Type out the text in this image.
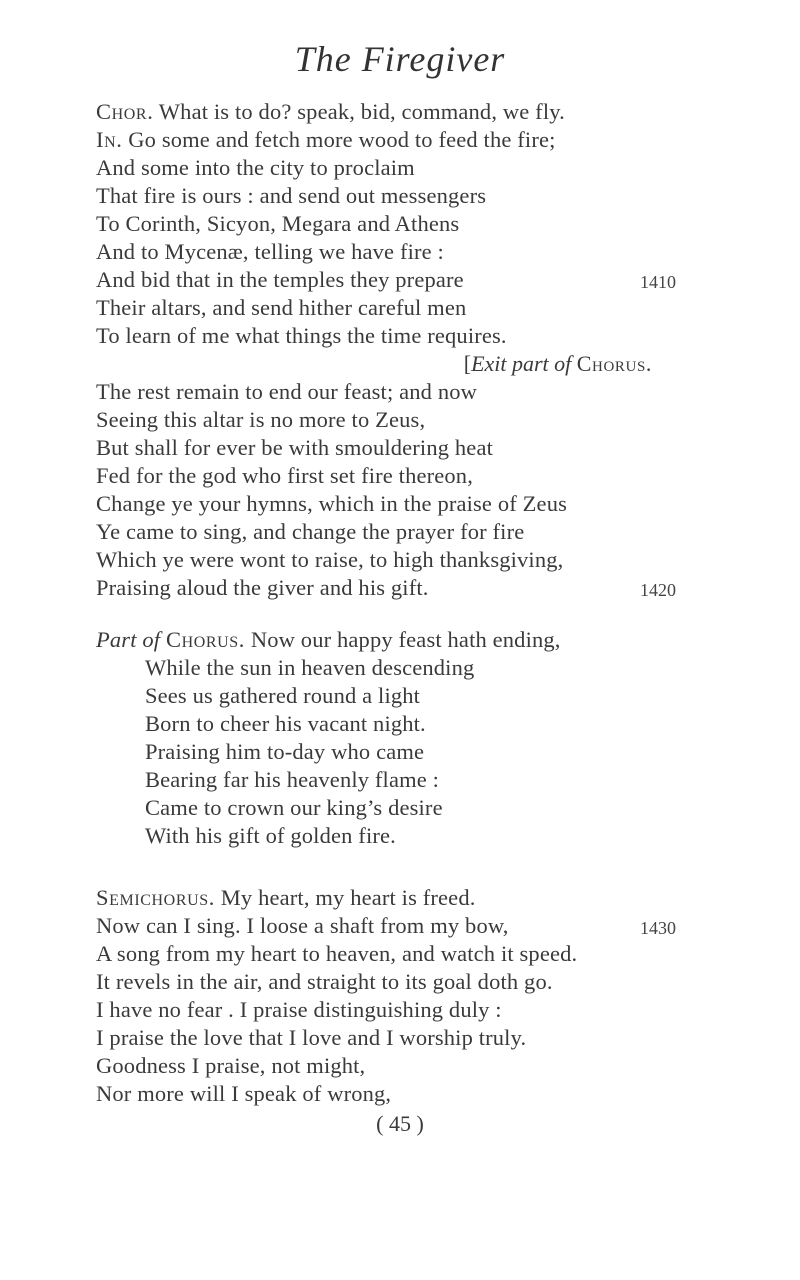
The Firegiver
Chor. What is to do? speak, bid, command, we fly.
In. Go some and fetch more wood to feed the fire;
And some into the city to proclaim
That fire is ours : and send out messengers
To Corinth, Sicyon, Megara and Athens
And to Mycenæ, telling we have fire :
And bid that in the temples they prepare	1410
Their altars, and send hither careful men
To learn of me what things the time requires.
[Exit part of Chorus.
The rest remain to end our feast; and now
Seeing this altar is no more to Zeus,
But shall for ever be with smouldering heat
Fed for the god who first set fire thereon,
Change ye your hymns, which in the praise of Zeus
Ye came to sing, and change the prayer for fire
Which ye were wont to raise, to high thanksgiving,
Praising aloud the giver and his gift.	1420
Part of Chorus. Now our happy feast hath ending,
While the sun in heaven descending
Sees us gathered round a light
Born to cheer his vacant night.
Praising him to-day who came
Bearing far his heavenly flame :
Came to crown our king’s desire
With his gift of golden fire.
Semichorus. My heart, my heart is freed.
Now can I sing. I loose a shaft from my bow,	1430
A song from my heart to heaven, and watch it speed.
It revels in the air, and straight to its goal doth go.
I have no fear . I praise distinguishing duly :
I praise the love that I love and I worship truly.
Goodness I praise, not might,
Nor more will I speak of wrong,
( 45 )
